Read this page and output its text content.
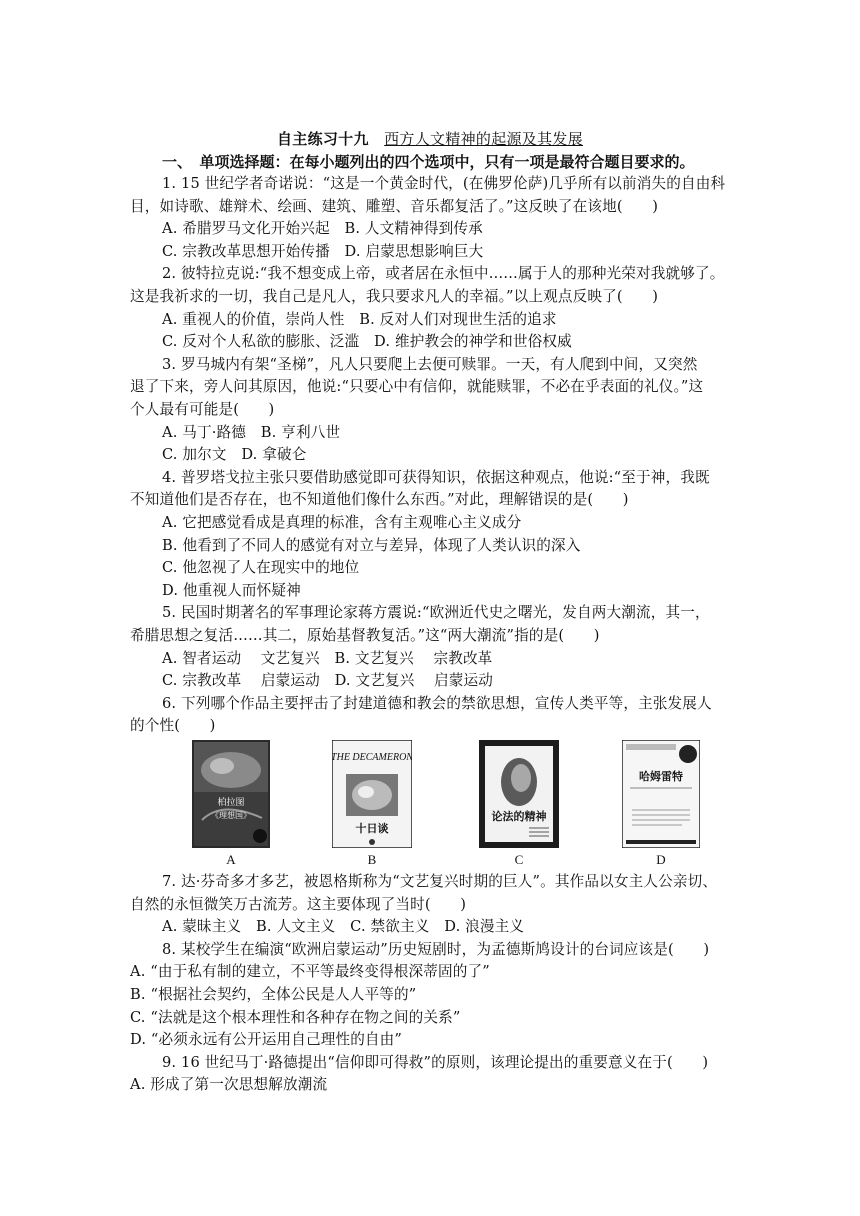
自主练习十九　 西方人文精神的起源及其发展
一、　单项选择题：在每小题列出的四个选项中，只有一项是最符合题目要求的。
1. 15 世纪学者奇诺说：“这是一个黄金时代，(在佛罗伦萨)几乎所有以前消失的自由科
目，如诗歌、雄辩术、绘画、建筑、雕塑、音乐都复活了。”这反映了在该地(　　)
A. 希腊罗马文化开始兴起　B. 人文精神得到传承
C. 宗教改革思想开始传播　D. 启蒙思想影响巨大
2. 彼特拉克说:“我不想变成上帝，或者居在永恒中……属于人的那种光荣对我就够了。
这是我祈求的一切，我自己是凡人，我只要求凡人的幸福。”以上观点反映了(　　)
A. 重视人的价值，崇尚人性　B. 反对人们对现世生活的追求
C. 反对个人私欲的膨胀、泛滥　D. 维护教会的神学和世俗权威
3. 罗马城内有架“圣梯”，凡人只要爬上去便可赎罪。一天，有人爬到中间，又突然
退了下来，旁人问其原因，他说:“只要心中有信仰，就能赎罪，不必在乎表面的礼仪。”这
个人最有可能是(　　)
A. 马丁·路德　B. 亨利八世
C. 加尔文　D. 拿破仑
4. 普罗塔戈拉主张只要借助感觉即可获得知识，依据这种观点，他说:“至于神，我既
不知道他们是否存在，也不知道他们像什么东西。”对此，理解错误的是(　　)
A. 它把感觉看成是真理的标准，含有主观唯心主义成分
B. 他看到了不同人的感觉有对立与差异，体现了人类认识的深入
C. 他忽视了人在现实中的地位
D. 他重视人而怀疑神
5. 民国时期著名的军事理论家蒋方震说:“欧洲近代史之曙光，发自两大潮流，其一，
希腊思想之复活……其二，原始基督教复活。”这“两大潮流”指的是(　　)
A. 智者运动　 文艺复兴　B. 文艺复兴　 宗教改革
C. 宗教改革　 启蒙运动　D. 文艺复兴　 启蒙运动
6. 下列哪个作品主要抨击了封建道德和教会的禁欲思想，宣传人类平等，主张发展人
的个性(　　)
柏拉图
《理想国》
THE DECAMERON
十日谈
论法的精神
哈姆雷特
A	B	C	D
7. 达·芬奇多才多艺，被恩格斯称为“文艺复兴时期的巨人”。其作品以女主人公亲切、
自然的永恒微笑万古流芳。这主要体现了当时(　　)
A. 蒙昧主义　B. 人文主义　C. 禁欲主义　D. 浪漫主义
8. 某校学生在编演“欧洲启蒙运动”历史短剧时，为孟德斯鸠设计的台词应该是(　　)
A. “由于私有制的建立，不平等最终变得根深蒂固的了”
B. “根据社会契约，全体公民是人人平等的”
C. “法就是这个根本理性和各种存在物之间的关系”
D. “必须永远有公开运用自己理性的自由”
9. 16 世纪马丁·路德提出“信仰即可得救”的原则，该理论提出的重要意义在于(　　)
A. 形成了第一次思想解放潮流
